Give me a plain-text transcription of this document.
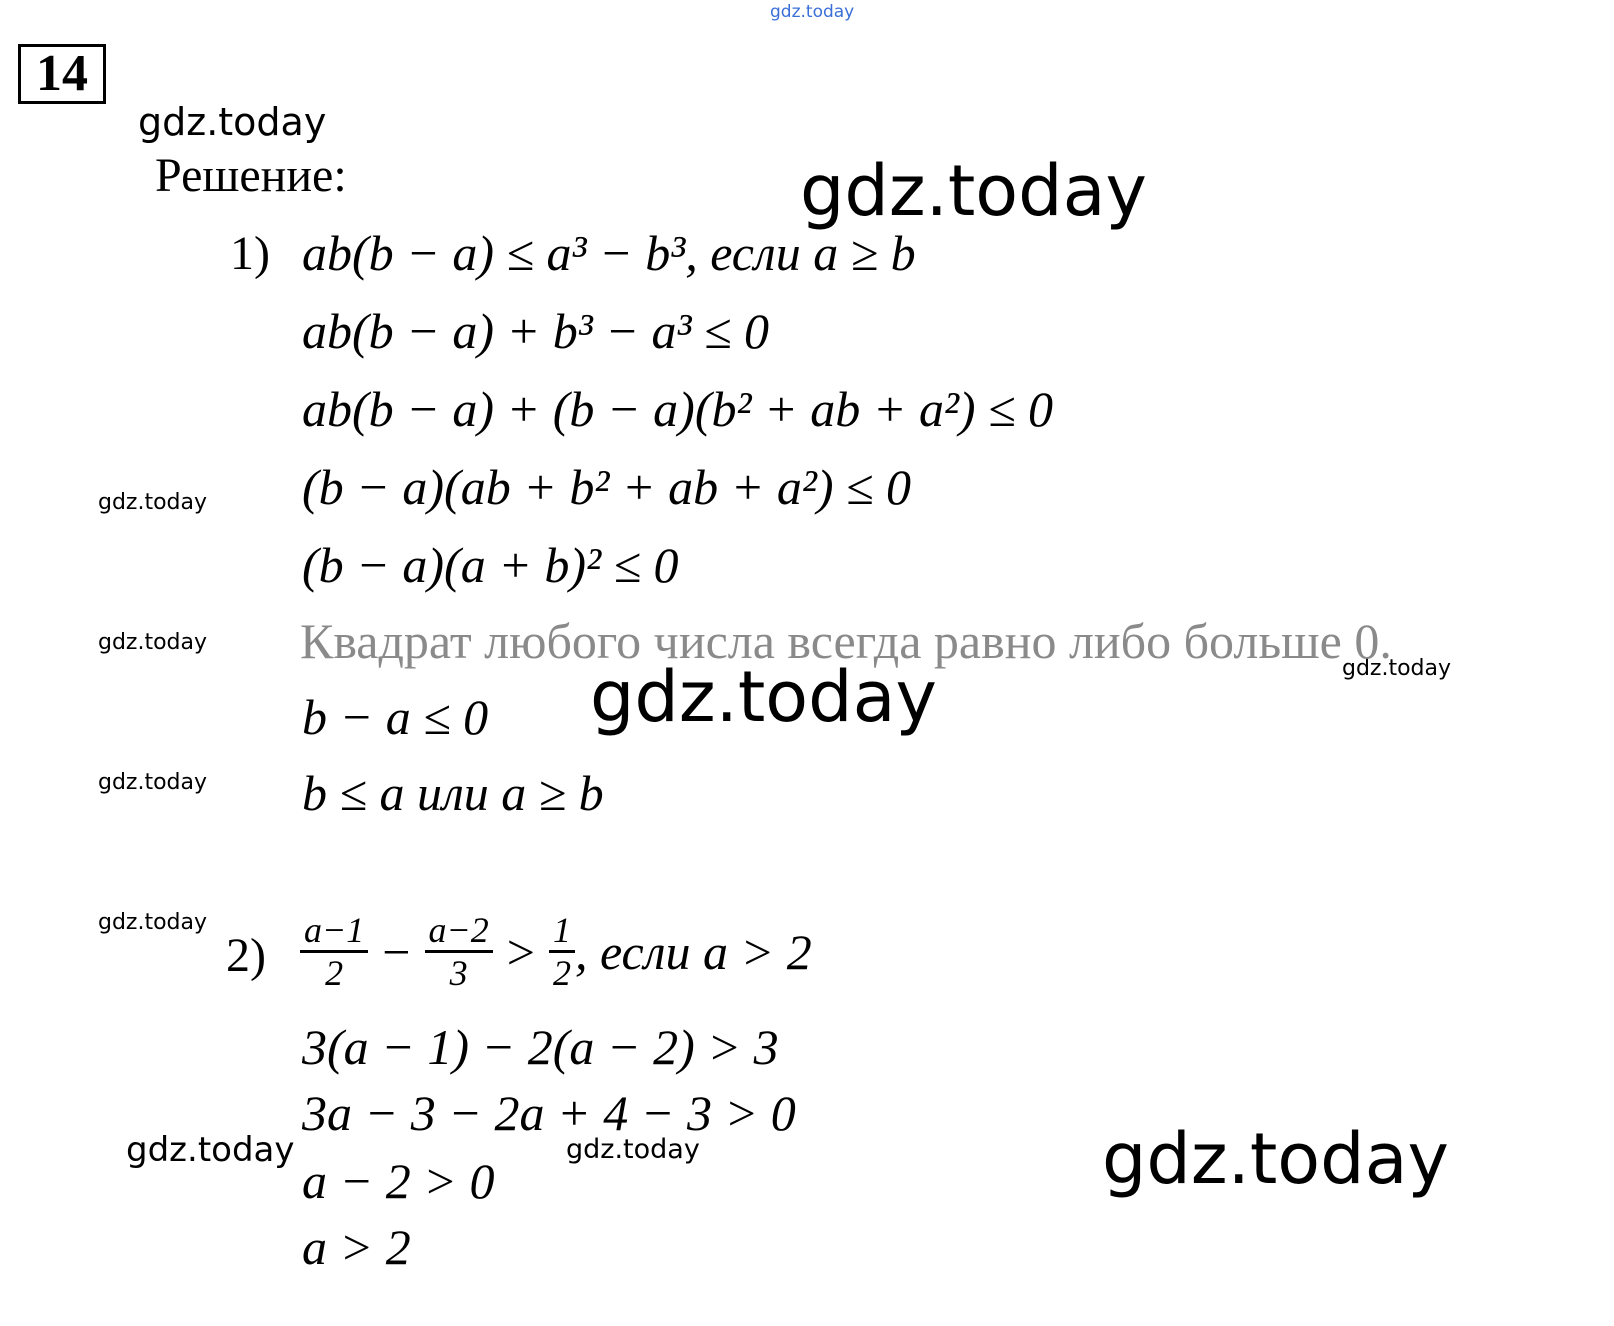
gdz.today
14
gdz.today
gdz.today
gdz.today
gdz.today
gdz.today
gdz.today
gdz.today
gdz.today
gdz.today	gdz.today	gdz.today
Решение:
1) ab(b − a) ≤ a³ − b³, если a ≥ b
ab(b − a) + b³ − a³ ≤ 0
ab(b − a) + (b − a)(b² + ab + a²) ≤ 0
(b − a)(ab + b² + ab + a²) ≤ 0
(b − a)(a + b)² ≤ 0
Квадрат любого числа всегда равно либо больше 0.
b − a ≤ 0
b ≤ a или a ≥ b
$2) \frac{a-1}{2} - \frac{a-2}{3} > \frac{1}{2}$ , если a > 2
3(a − 1) − 2(a − 2) > 3
3a − 3 − 2a + 4 − 3 > 0
a − 2 > 0
a > 2
